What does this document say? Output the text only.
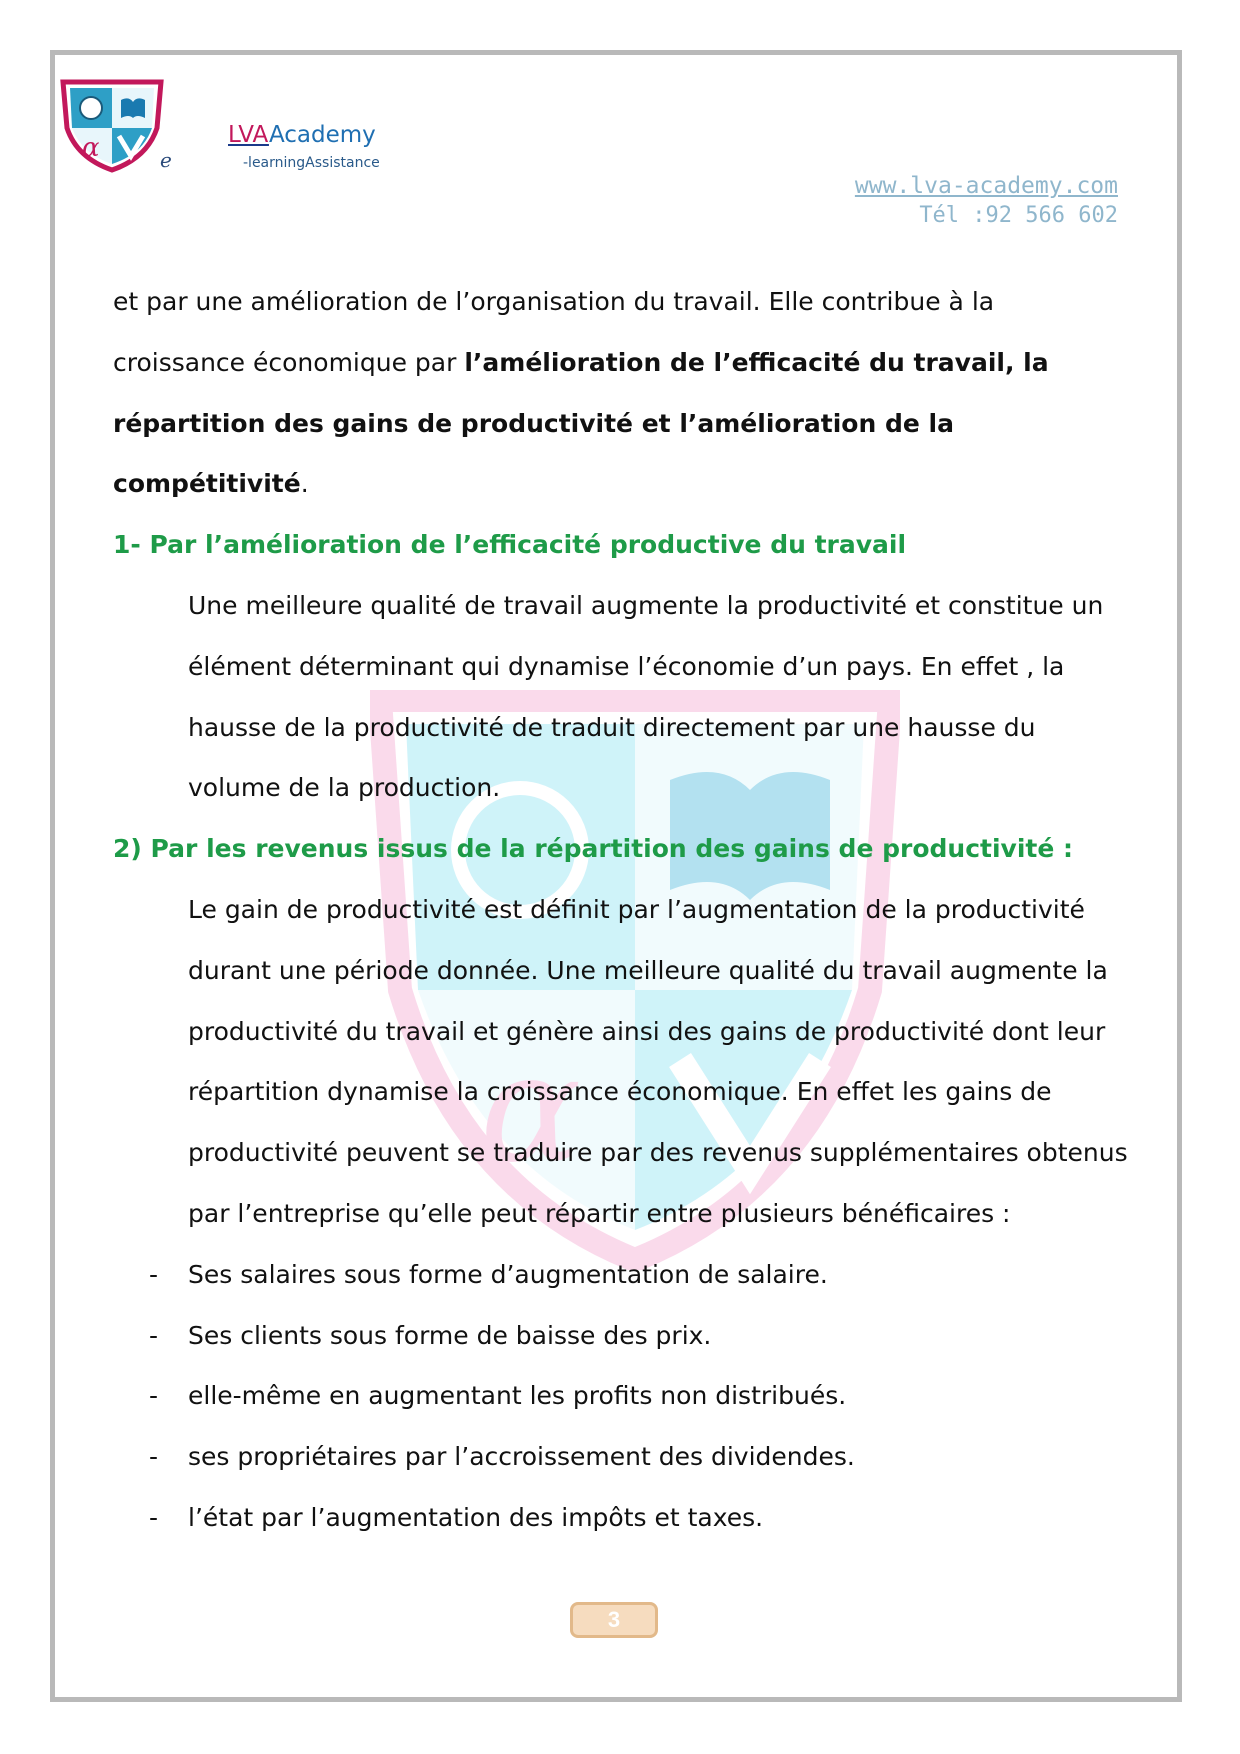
α	e
LVAAcademy
-learningAssistance
www.lva-academy.com
Tél :92 566 602
α

et par une amélioration de l’organisation du travail. Elle contribue à la croissance économique par l’amélioration de l’efficacité du travail, la répartition des gains de productivité et l’amélioration de la compétitivité.

1- Par l’amélioration de l’efficacité productive du travail

Une meilleure qualité de travail augmente la productivité et constitue un élément déterminant qui dynamise l’économie d’un pays. En effet , la hausse de la productivité de traduit directement par une hausse du volume de la production.

2) Par les revenus issus de la répartition des gains de productivité :

Le gain de productivité est définit par l’augmentation de la productivité durant une période donnée. Une meilleure qualité du travail augmente la productivité du travail et génère ainsi des gains de productivité dont leur répartition dynamise la croissance économique. En effet les gains de productivité peuvent se traduire par des revenus supplémentaires obtenus par l’entreprise qu’elle peut répartir entre plusieurs bénéficaires :

- Ses salaires sous forme d’augmentation de salaire.
- Ses clients sous forme de baisse des prix.
- elle-même en augmentant les profits non distribués.
- ses propriétaires par l’accroissement des dividendes.
- l’état par l’augmentation des impôts et taxes.
3
